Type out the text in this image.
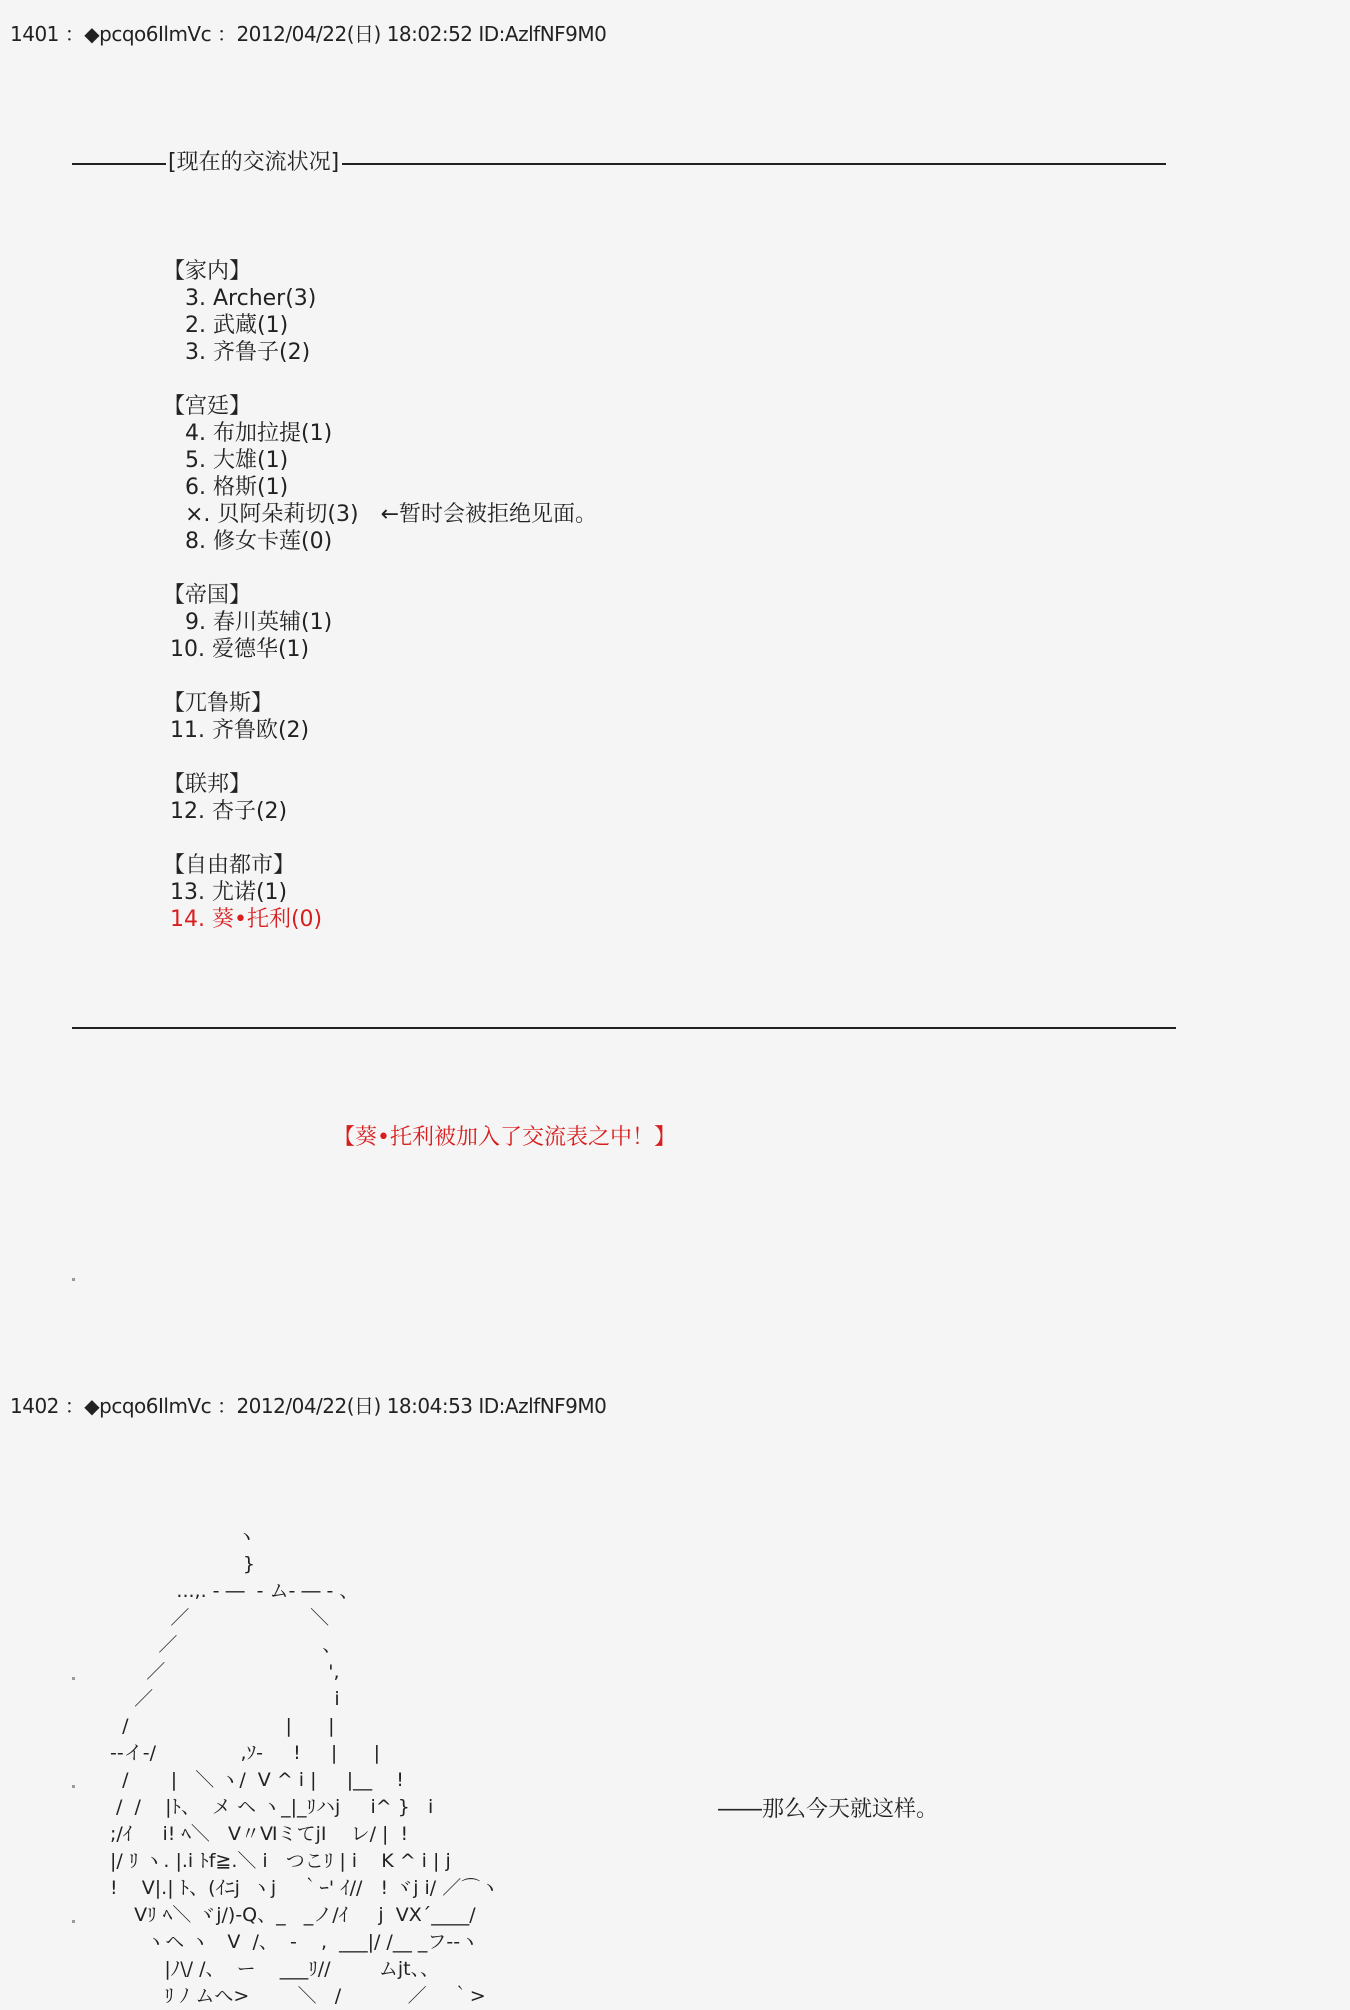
1401 ：◆pcqo6IlmVc ：2012/04/22(日) 18:02:52 ID:AzlfNF9M0
[现在的交流状况]
【家内】
　3. Archer(3)
　2. 武蔵(1)
　3. 齐鲁子(2)
【宫廷】
　4. 布加拉提(1)
　5. 大雄(1)
　6. 格斯(1)
　×. 贝阿朵莉切(3)　←暂时会被拒绝见面。
　8. 修女卡莲(0)
【帝国】
　9. 春川英辅(1)
10. 爱德华(1)
【兀鲁斯】
11. 齐鲁欧(2)
【联邦】
12. 杏子(2)
【自由都市】
13. 尤诺(1)
14. 葵•托利(0)
【葵•托利被加入了交流表之中！】
1402 ：◆pcqo6IlmVc ：2012/04/22(日) 18:04:53 ID:AzlfNF9M0
ヽ
}
...,. - ―  - ム- ― - 、
／                    ＼
／                        、
／                           ',
／                              i
/                          |      |
-‐イ‐/              ,ｿ-     !     |      |
/       |   ＼ ヽ/  V ^ i |     |__    !
/  /    |ﾄ、  メ ヘ ヽ_|_ﾘハj     i^ }   i
;/ｲ     i! ﾍ＼   V〃ⅥミてjI    レ/ |  !
|/ ﾘ ヽ. |.i ﾄf≧.＼ i   つこﾘ | i    K ^ i | j
!    V|.| ﾄ、(ｲﾆj  ヽj    ｀ｰ' ｲ//   ! ヾj i/ ／⌒ヽ
Vﾘ ﾍ＼ ヾj/)-Q、_   _ノ/ｲ     j  VX´____/
ヽヘ ヽ   V  /、  -    ,  ___|/ /__ _フ--ヽ
|ﾉ\/ /、  ー    ___ﾘ//        ムjt、、
ﾘ ﾉ ムへ>        ＼   /           ／    ｀>
――那么今天就这样。
